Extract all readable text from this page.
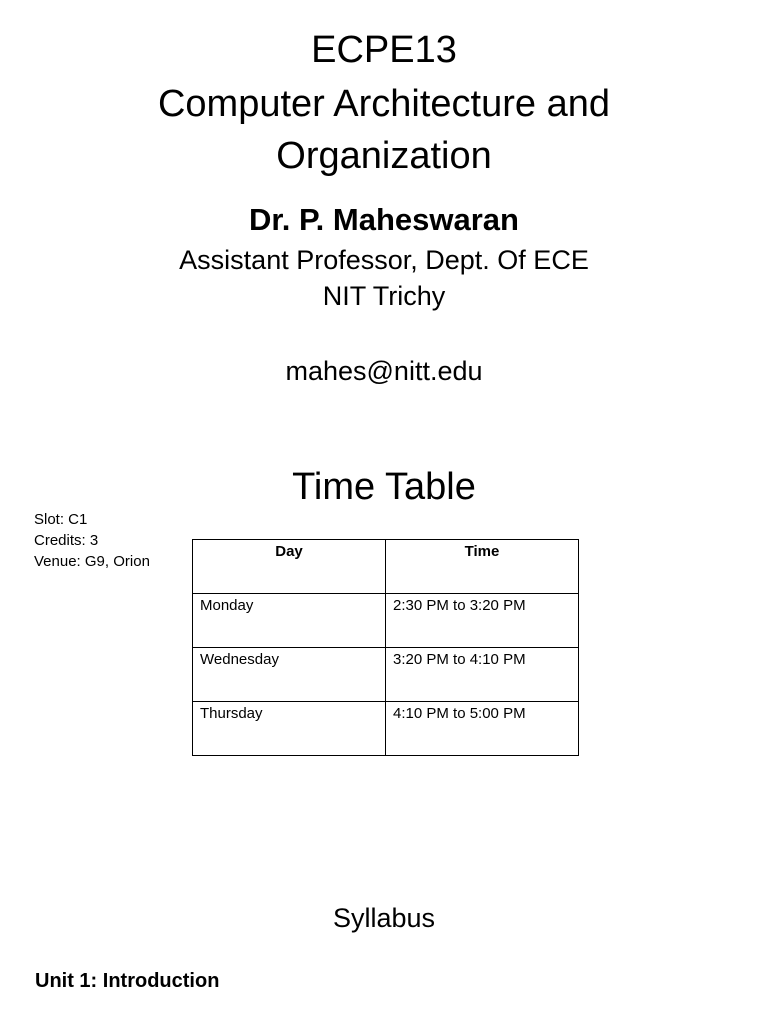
ECPE13
Computer Architecture and
Organization
Dr. P. Maheswaran
Assistant Professor, Dept. Of ECE
NIT Trichy
mahes@nitt.edu
Time Table
Slot: C1
Credits: 3
Venue: G9, Orion
Day	Time
Monday	2:30 PM to 3:20 PM
Wednesday	3:20 PM to 4:10 PM
Thursday	4:10 PM to 5:00 PM
Syllabus
Unit 1: Introduction
